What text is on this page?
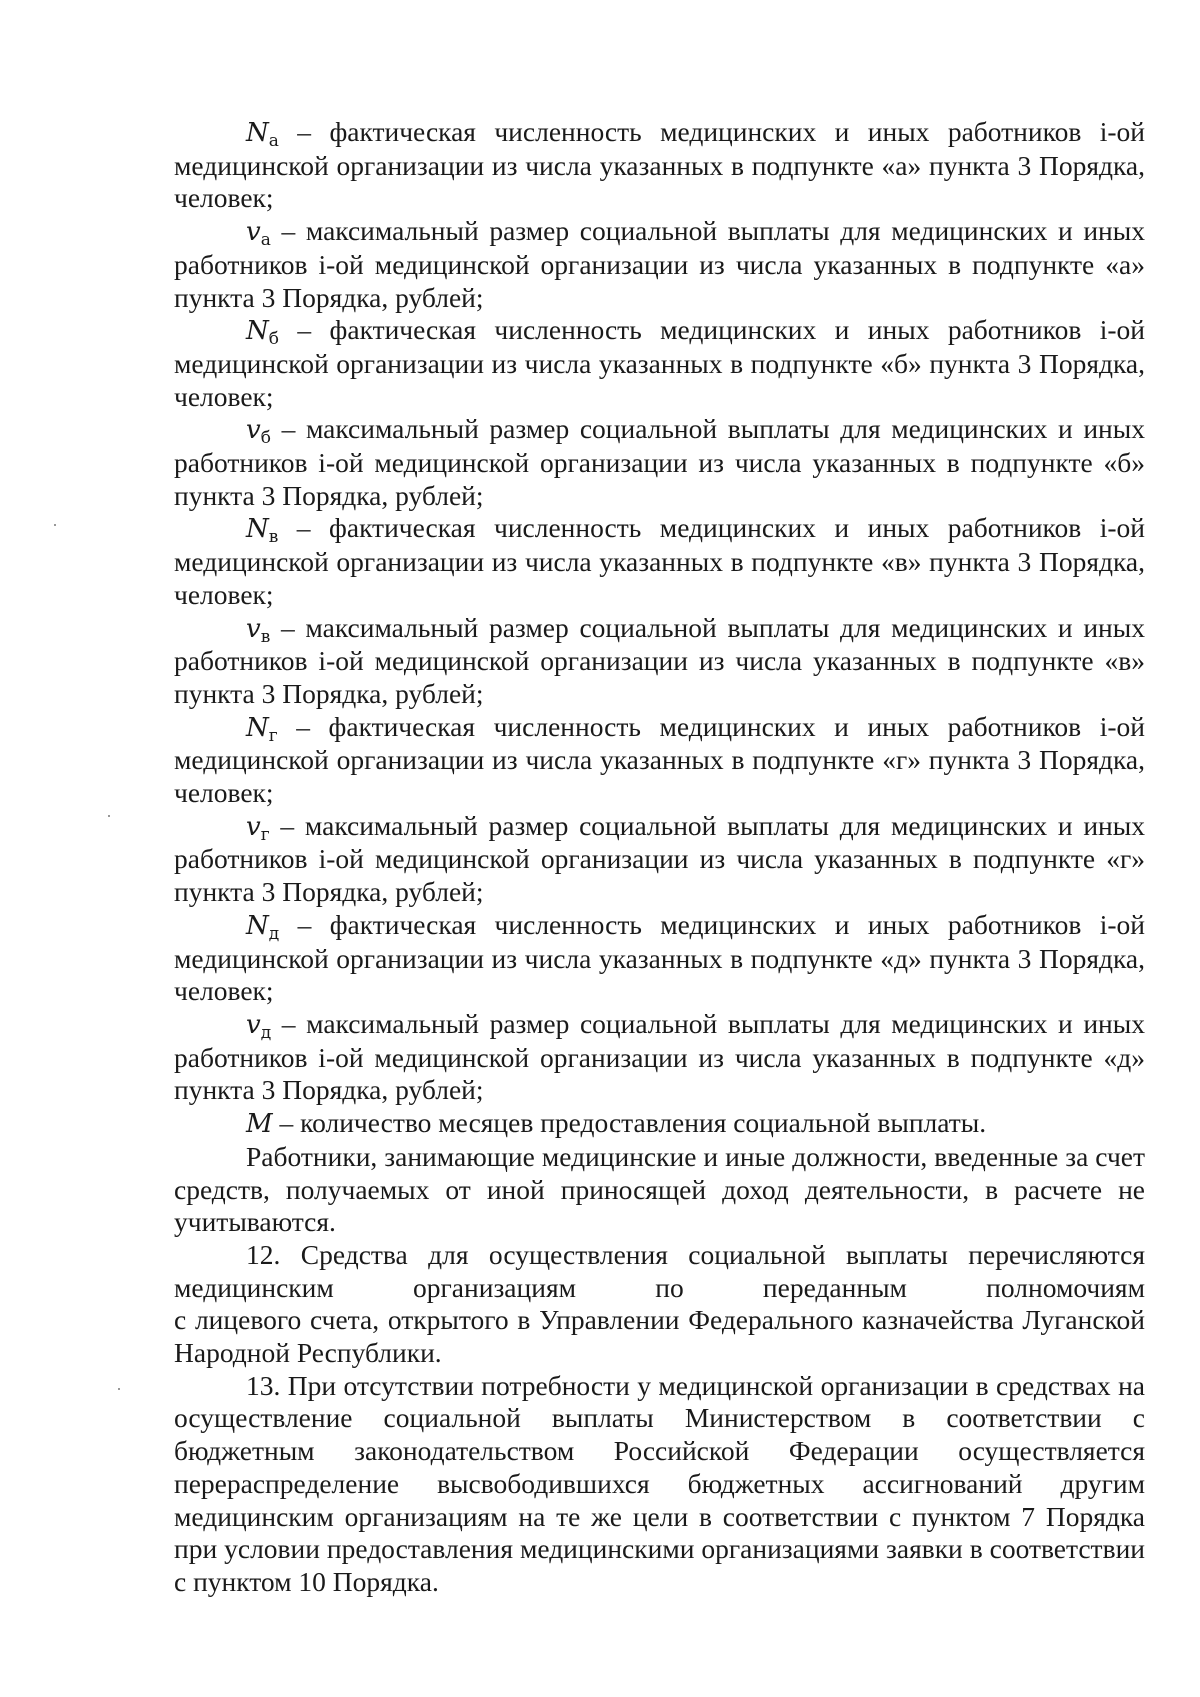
$N_а$ – фактическая численность медицинских и иных работников i-ой медицинской организации из числа указанных в подпункте «а» пункта 3 Порядка, человек;

$v_а$ – максимальный размер социальной выплаты для медицинских и иных работников i-ой медицинской организации из числа указанных в подпункте «а» пункта 3 Порядка, рублей;

$N_б$ – фактическая численность медицинских и иных работников i-ой медицинской организации из числа указанных в подпункте «б» пункта 3 Порядка, человек;

$v_б$ – максимальный размер социальной выплаты для медицинских и иных работников i-ой медицинской организации из числа указанных в подпункте «б» пункта 3 Порядка, рублей;

$N_в$ – фактическая численность медицинских и иных работников i-ой медицинской организации из числа указанных в подпункте «в» пункта 3 Порядка, человек;

$v_в$ – максимальный размер социальной выплаты для медицинских и иных работников i-ой медицинской организации из числа указанных в подпункте «в» пункта 3 Порядка, рублей;

$N_г$ – фактическая численность медицинских и иных работников i-ой медицинской организации из числа указанных в подпункте «г» пункта 3 Порядка, человек;

$v_г$ – максимальный размер социальной выплаты для медицинских и иных работников i-ой медицинской организации из числа указанных в подпункте «г» пункта 3 Порядка, рублей;

$N_д$ – фактическая численность медицинских и иных работников i-ой медицинской организации из числа указанных в подпункте «д» пункта 3 Порядка, человек;

$v_д$ – максимальный размер социальной выплаты для медицинских и иных работников i-ой медицинской организации из числа указанных в подпункте «д» пункта 3 Порядка, рублей;

M – количество месяцев предоставления социальной выплаты.

Работники, занимающие медицинские и иные должности, введенные за счет средств, получаемых от иной приносящей доход деятельности, в расчете не учитываются.

12. Средства для осуществления социальной выплаты перечисляются

медицинским организациям по переданным полномочиям

с лицевого счета, открытого в Управлении Федерального казначейства Луганской Народной Республики.

13. При отсутствии потребности у медицинской организации в средствах на осуществление социальной выплаты Министерством в соответствии с бюджетным законодательством Российской Федерации осуществляется перераспределение высвободившихся бюджетных ассигнований другим медицинским организациям на те же цели в соответствии с пунктом 7 Порядка при условии предоставления медицинскими организациями заявки в соответствии с пунктом 10 Порядка.
